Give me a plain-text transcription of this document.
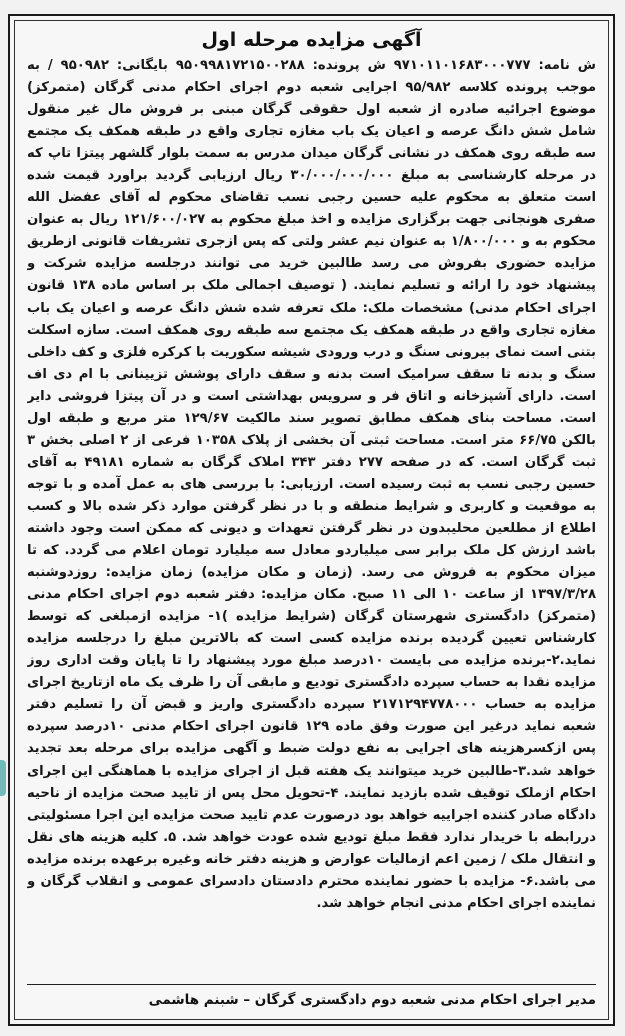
آگهی مزایده مرحله اول

ش نامه: ۹۷۱۰۱۱۰۱۶۸۳۰۰۰۷۷۷ ش پرونده: ۹۵۰۹۹۸۱۷۲۱۵۰۰۲۸۸ بایگانی: ۹۵۰۹۸۲ / به موجب پرونده کلاسه ۹۵/۹۸۲ اجرایی شعبه دوم اجرای احکام مدنی گرگان (متمرکز) موضوع اجرائیه صادره از شعبه اول حقوقی گرگان مبنی بر فروش مال غیر منقول شامل شش دانگ عرصه و اعیان یک باب مغازه تجاری واقع در طبقه همکف یک مجتمع سه طبقه روی همکف در نشانی گرگان میدان مدرس به سمت بلوار گلشهر پیتزا تاپ که در مرحله کارشناسی به مبلغ ۳۰/۰۰۰/۰۰۰/۰۰۰ ریال ارزیابی گردید براورد قیمت شده است متعلق به محکوم علیه حسین رجبی نسب تقاضای محکوم له آقای عفضل الله صفری هونجانی جهت برگزاری مزایده و اخذ مبلغ محکوم به ۱۲۱/۶۰۰/۰۲۷ ریال به عنوان محکوم به و ۱/۸۰۰/۰۰۰ به عنوان نیم عشر ولتی که پس ازجری تشریفات قانونی ازطریق مزایده حضوری بفروش می رسد طالبین خرید می توانند درجلسه مزایده شرکت و پیشنهاد خود را ارائه و تسلیم نمایند. ( توصیف اجمالی ملک بر اساس ماده ۱۳۸ قانون اجرای احکام مدنی) مشخصات ملک: ملک تعرفه شده شش دانگ عرصه و اعیان یک باب مغازه تجاری واقع در طبقه همکف یک مجتمع سه طبقه روی همکف است. سازه اسکلت بتنی است نمای بیرونی سنگ و درب ورودی شیشه سکوریت با کرکره فلزی و کف داخلی سنگ و بدنه تا سقف سرامیک است بدنه و سقف دارای پوشش تزیینانی با ام دی اف است. دارای آشپزخانه و اتاق فر و سرویس بهداشتی است و در آن پیتزا فروشی دایر است. مساحت بنای همکف مطابق تصویر سند مالکیت ۱۲۹/۶۷ متر مربع و طبقه اول بالکن ۶۶/۷۵ متر است. مساحت ثبتی آن بخشی از پلاک ۱۰۳۵۸ فرعی از ۲ اصلی بخش ۳ ثبت گرگان است. که در صفحه ۲۷۷ دفتر ۳۴۳ املاک گرگان به شماره ۴۹۱۸۱ به آقای حسین رجبی نسب به ثبت رسیده است. ارزیابی: با بررسی های به عمل آمده و با توجه به موقعیت و کاربری و شرایط منطقه و با در نظر گرفتن موارد ذکر شده بالا و کسب اطلاع از مطلعین محلیبدون در نظر گرفتن تعهدات و دیونی که ممکن است وجود داشته باشد ارزش کل ملک برابر سی میلیاردو معادل سه میلیارد تومان اعلام می گردد. که تا میزان محکوم به فروش می رسد. (زمان و مکان مزایده) زمان مزایده: روزدوشنبه ۱۳۹۷/۳/۲۸ از ساعت ۱۰ الی ۱۱ صبح. مکان مزایده: دفتر شعبه دوم اجرای احکام مدنی (متمرکز) دادگستری شهرستان گرگان (شرایط مزایده )۱- مزایده ازمبلغی که توسط کارشناس تعیین گردیده برنده مزایده کسی است که بالاترین مبلغ را درجلسه مزایده نماید.۲-برنده مزایده می بایست ۱۰درصد مبلغ مورد پیشنهاد را تا پایان وقت اداری روز مزایده نقدا به حساب سپرده دادگستری تودیع و مابقی آن را ظرف یک ماه ازتاریخ اجرای مزایده به حساب ۲۱۷۱۲۹۴۷۷۸۰۰۰ سپرده دادگستری واریز و قبض آن را تسلیم دفتر شعبه نماید درغیر این صورت وفق ماده ۱۲۹ قانون اجرای احکام مدنی ۱۰درصد سپرده پس ازکسرهزینه های اجرایی به نفع دولت ضبط و آگهی مزایده برای مرحله بعد تجدید خواهد شد.۳-طالبین خرید میتوانند یک هفته قبل از اجرای مزایده با هماهنگی این اجرای احکام ازملک توقیف شده بازدید نمایند. ۴-تحویل محل پس از تایید صحت مزایده از ناحیه دادگاه صادر کننده اجراییه خواهد بود درصورت عدم تایید صحت مزایده این اجرا مسئولیتی دررابطه با خریدار ندارد فقط مبلغ تودیع شده عودت خواهد شد. ۵. کلیه هزینه های نقل و انتقال ملک / زمین اعم ازمالیات عوارض و هزینه دفتر خانه وغیره برعهده برنده مزایده می باشد.۶- مزایده با حضور نماینده محترم دادستان دادسرای عمومی و انقلاب گرگان و نماینده اجرای احکام مدنی انجام خواهد شد.

مدیر اجرای احکام مدنی شعبه دوم دادگستری گرگان – شبنم هاشمی
